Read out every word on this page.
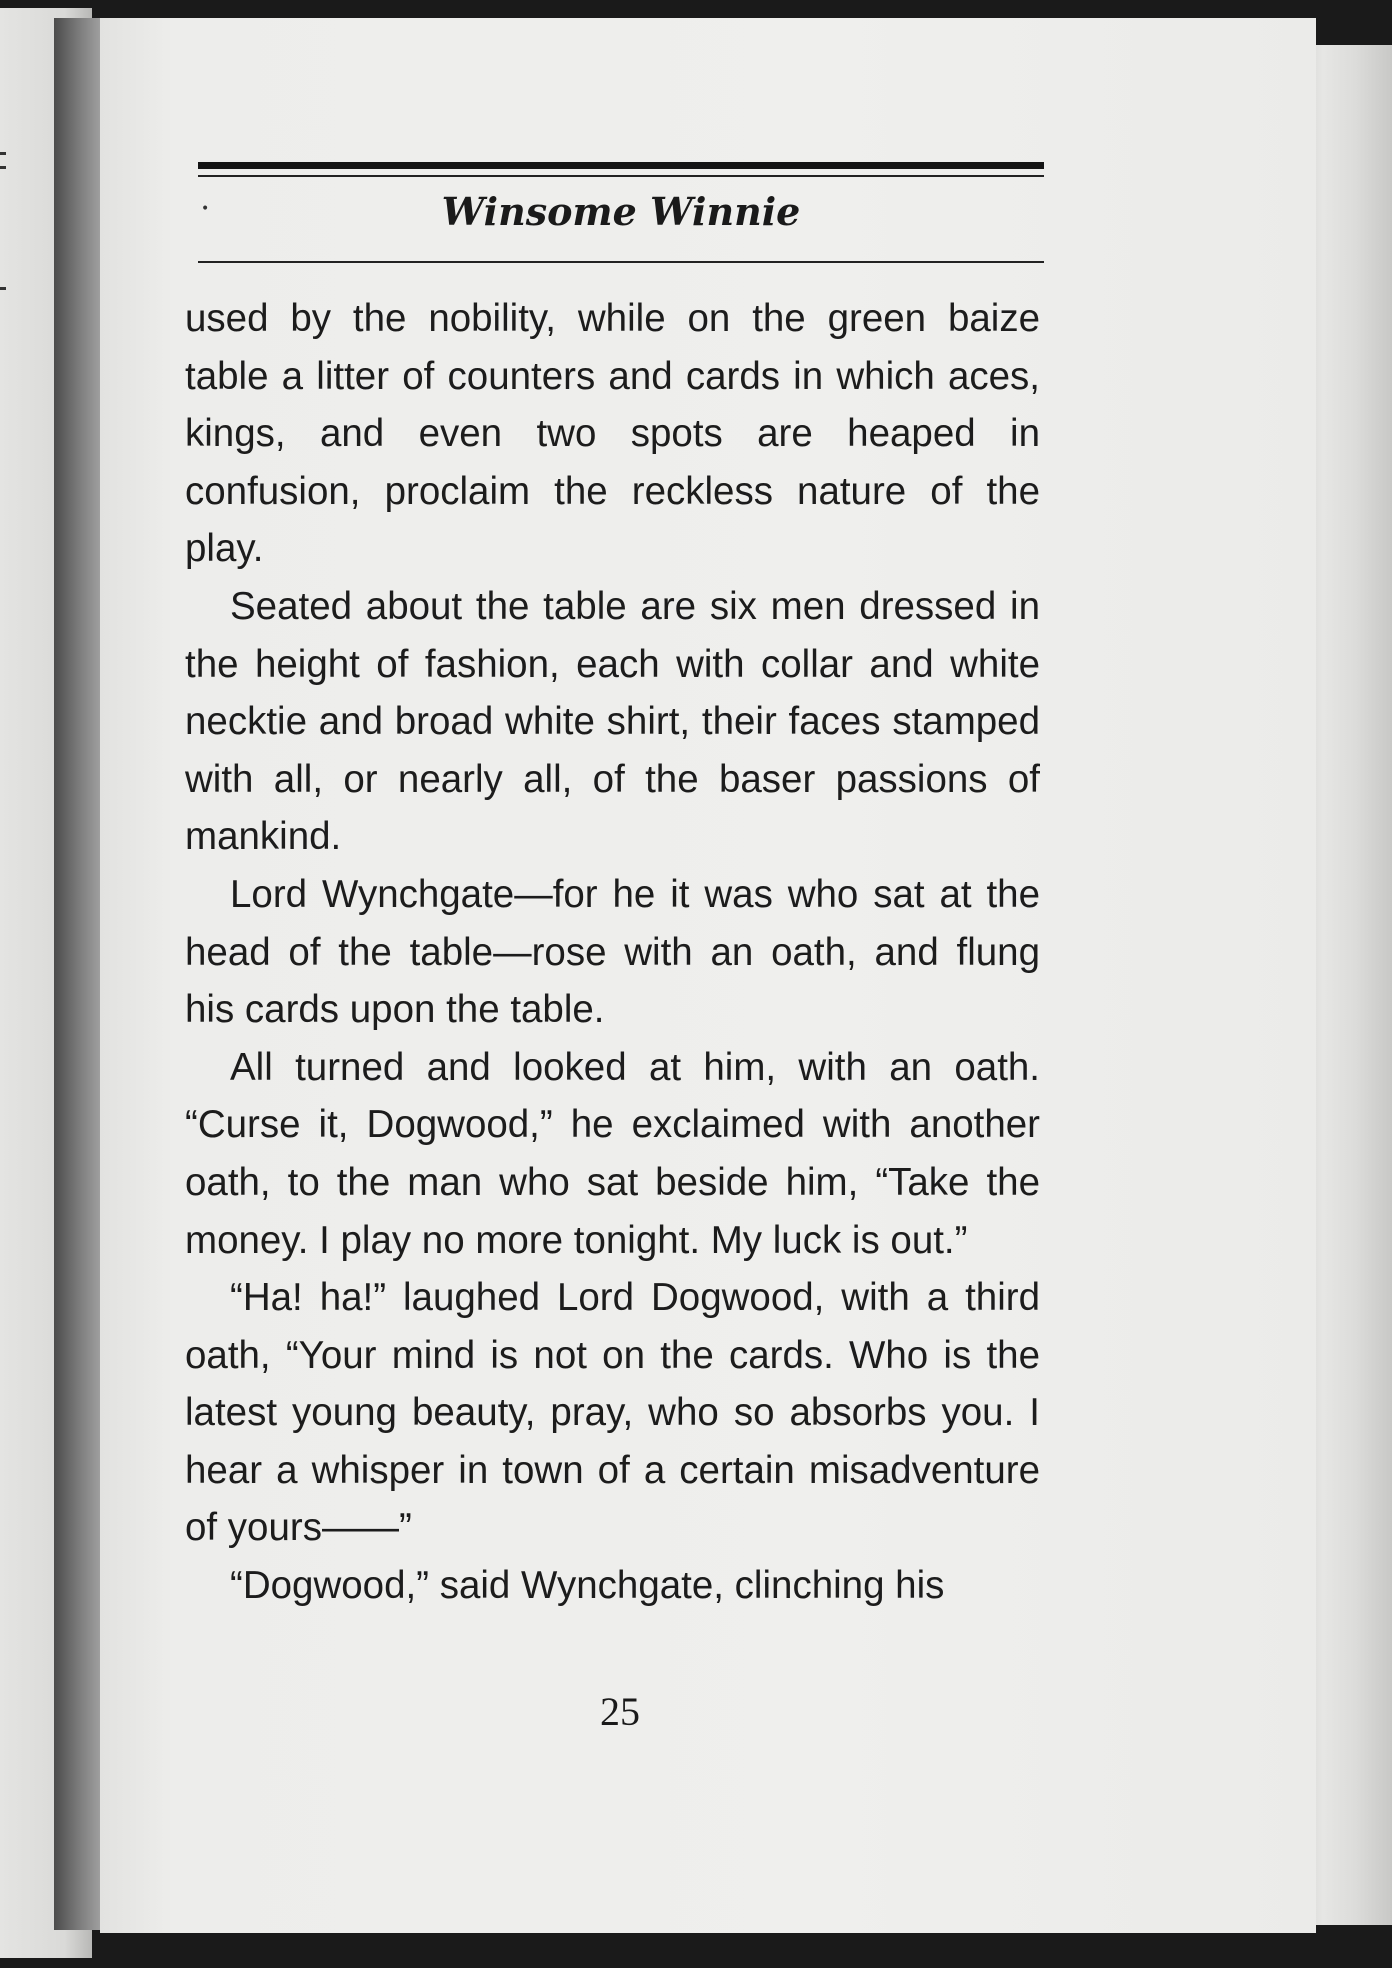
•	Winsome Winnie

used by the nobility, while on the green baize table a litter of counters and cards in which aces, kings, and even two spots are heaped in confusion, proclaim the reckless nature of the play.

Seated about the table are six men dressed in the height of fashion, each with collar and white necktie and broad white shirt, their faces stamped with all, or nearly all, of the baser passions of mankind.

Lord Wynchgate—for he it was who sat at the head of the table—rose with an oath, and flung his cards upon the table.

All turned and looked at him, with an oath. “Curse it, Dogwood,” he exclaimed with another oath, to the man who sat beside him, “Take the money. I play no more tonight. My luck is out.”

“Ha! ha!” laughed Lord Dogwood, with a third oath, “Your mind is not on the cards. Who is the latest young beauty, pray, who so absorbs you. I hear a whisper in town of a certain misadventure of yours——”

“Dogwood,” said Wynchgate, clinching his

25
